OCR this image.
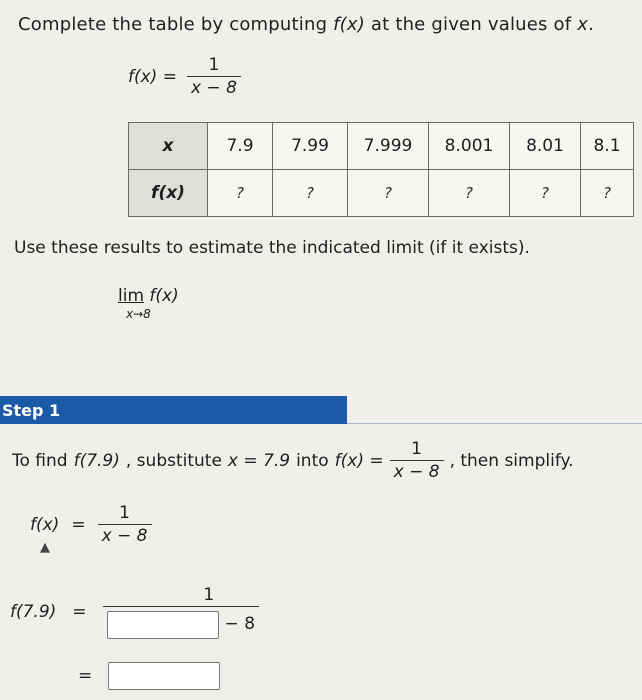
Complete the table by computing f(x) at the given values of x.
$f(x) = \frac{1}{x - 8}$
x	7.9	7.99	7.999	8.001	8.01	8.1
f(x)	?	?	?	?	?	?
Use these results to estimate the indicated limit (if it exists).
lim f(x)
x→8
Step 1
To find f(7.9) , substitute x = 7.9 into $f(x) = \frac{1}{x - 8}$ , then simplify.
$f(x) = \frac{1}{x - 8}$
▲
$f(7.9) = \frac{1}{- 8}$
=
